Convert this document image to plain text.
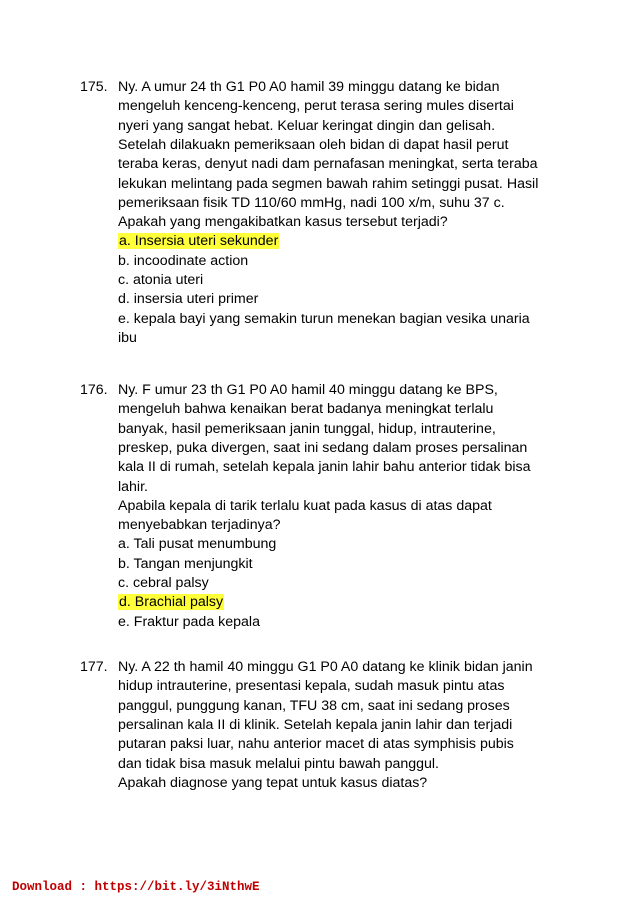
175. Ny. A umur 24 th G1 P0 A0 hamil 39 minggu datang ke bidan
mengeluh kenceng-kenceng, perut terasa sering mules disertai
nyeri yang sangat hebat. Keluar keringat dingin dan gelisah.
Setelah dilakuakn pemeriksaan oleh bidan di dapat hasil perut
teraba keras, denyut nadi dam pernafasan meningkat, serta teraba
lekukan melintang pada segmen bawah rahim setinggi pusat. Hasil
pemeriksaan fisik TD 110/60 mmHg, nadi 100 x/m, suhu 37 c.
Apakah yang mengakibatkan kasus tersebut terjadi?
a. Insersia uteri sekunder
b. incoodinate action
c. atonia uteri
d. insersia uteri primer
e. kepala bayi yang semakin turun menekan bagian vesika unaria
ibu
176. Ny. F umur 23 th G1 P0 A0 hamil 40 minggu datang ke BPS,
mengeluh bahwa kenaikan berat badanya meningkat terlalu
banyak, hasil pemeriksaan janin tunggal, hidup, intrauterine,
preskep, puka divergen, saat ini sedang dalam proses persalinan
kala II di rumah, setelah kepala janin lahir bahu anterior tidak bisa
lahir.
Apabila kepala di tarik terlalu kuat pada kasus di atas dapat
menyebabkan terjadinya?
a. Tali pusat menumbung
b. Tangan menjungkit
c. cebral palsy
d. Brachial palsy
e. Fraktur pada kepala
177. Ny. A 22 th hamil 40 minggu G1 P0 A0 datang ke klinik bidan janin
hidup intrauterine, presentasi kepala, sudah masuk pintu atas
panggul, punggung kanan, TFU 38 cm, saat ini sedang proses
persalinan kala II di klinik. Setelah kepala janin lahir dan terjadi
putaran paksi luar, nahu anterior macet di atas symphisis pubis
dan tidak bisa masuk melalui pintu bawah panggul.
Apakah diagnose yang tepat untuk kasus diatas?
Download : https://bit.ly/3iNthwE
